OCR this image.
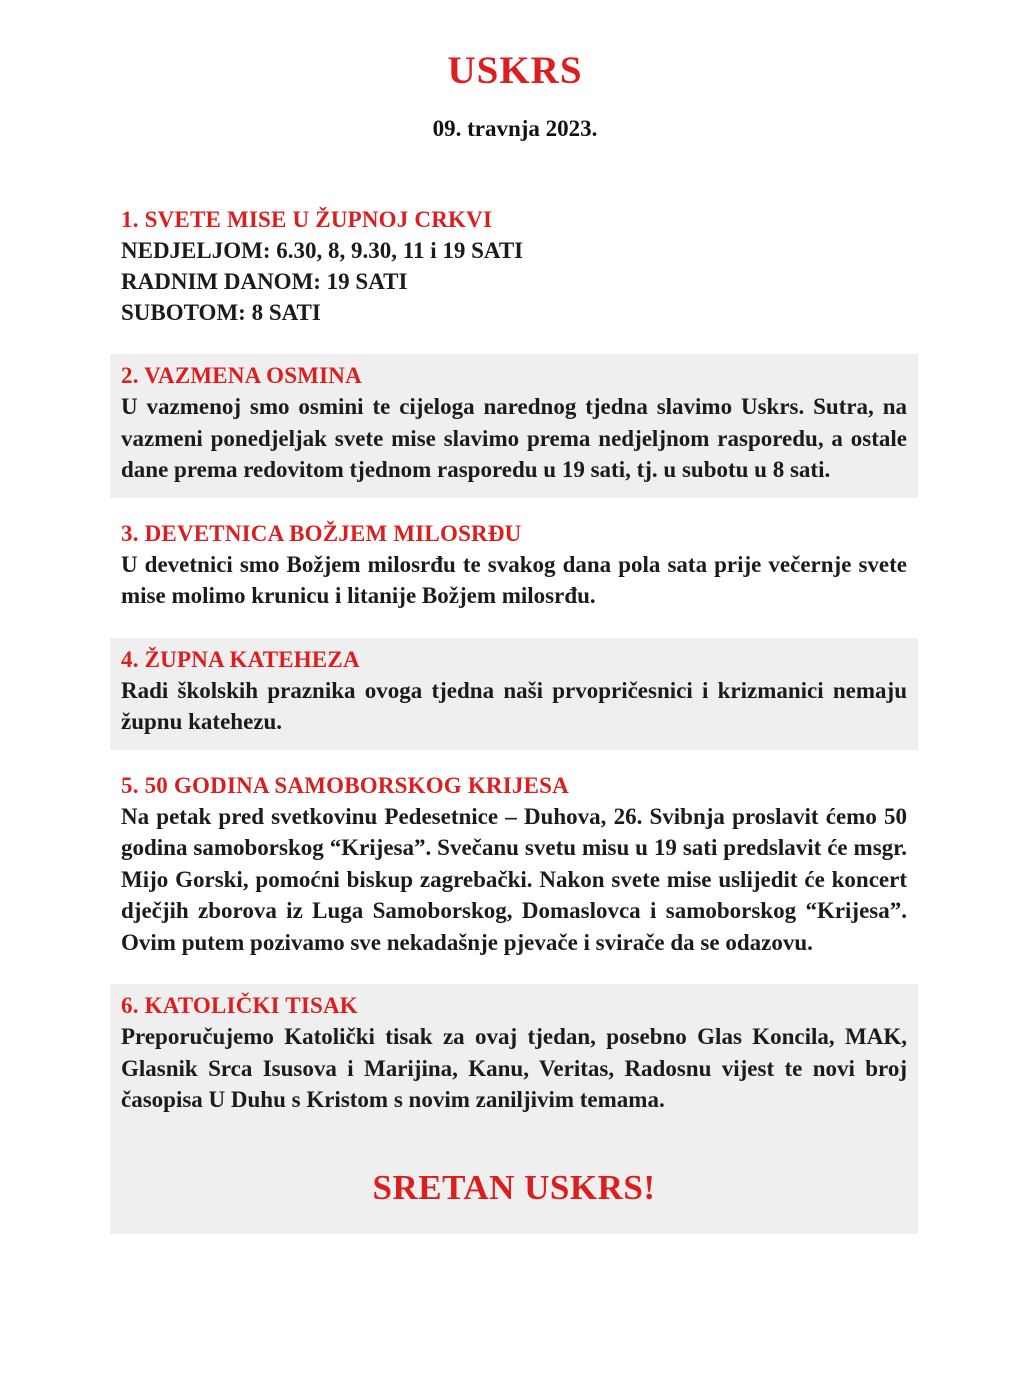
USKRS
09. travnja 2023.
1. SVETE MISE U ŽUPNOJ CRKVI
NEDJELJOM: 6.30, 8, 9.30, 11 i 19 SATI
RADNIM DANOM: 19 SATI
SUBOTOM: 8 SATI
2. VAZMENA OSMINA

U vazmenoj smo osmini te cijeloga narednog tjedna slavimo Uskrs. Sutra, na vazmeni ponedjeljak svete mise slavimo prema nedjeljnom rasporedu, a ostale dane prema redovitom tjednom rasporedu u 19 sati, tj. u subotu u 8 sati.

3. DEVETNICA BOŽJEM MILOSRĐU

U devetnici smo Božjem milosrđu te svakog dana pola sata prije večernje svete mise molimo krunicu i litanije Božjem milosrđu.

4. ŽUPNA KATEHEZA

Radi školskih praznika ovoga tjedna naši prvopričesnici i krizmanici nemaju župnu katehezu.

5. 50 GODINA SAMOBORSKOG KRIJESA

Na petak pred svetkovinu Pedesetnice – Duhova, 26. Svibnja proslavit ćemo 50 godina samoborskog “Krijesa”. Svečanu svetu misu u 19 sati predslavit će msgr. Mijo Gorski, pomoćni biskup zagrebački. Nakon svete mise uslijedit će koncert dječjih zborova iz Luga Samoborskog, Domaslovca i samoborskog “Krijesa”. Ovim putem pozivamo sve nekadašnje pjevače i svirače da se odazovu.

6. KATOLIČKI TISAK

Preporučujemo Katolički tisak za ovaj tjedan, posebno Glas Koncila, MAK, Glasnik Srca Isusova i Marijina, Kanu, Veritas, Radosnu vijest te novi broj časopisa U Duhu s Kristom s novim zaniljivim temama.

SRETAN USKRS!
